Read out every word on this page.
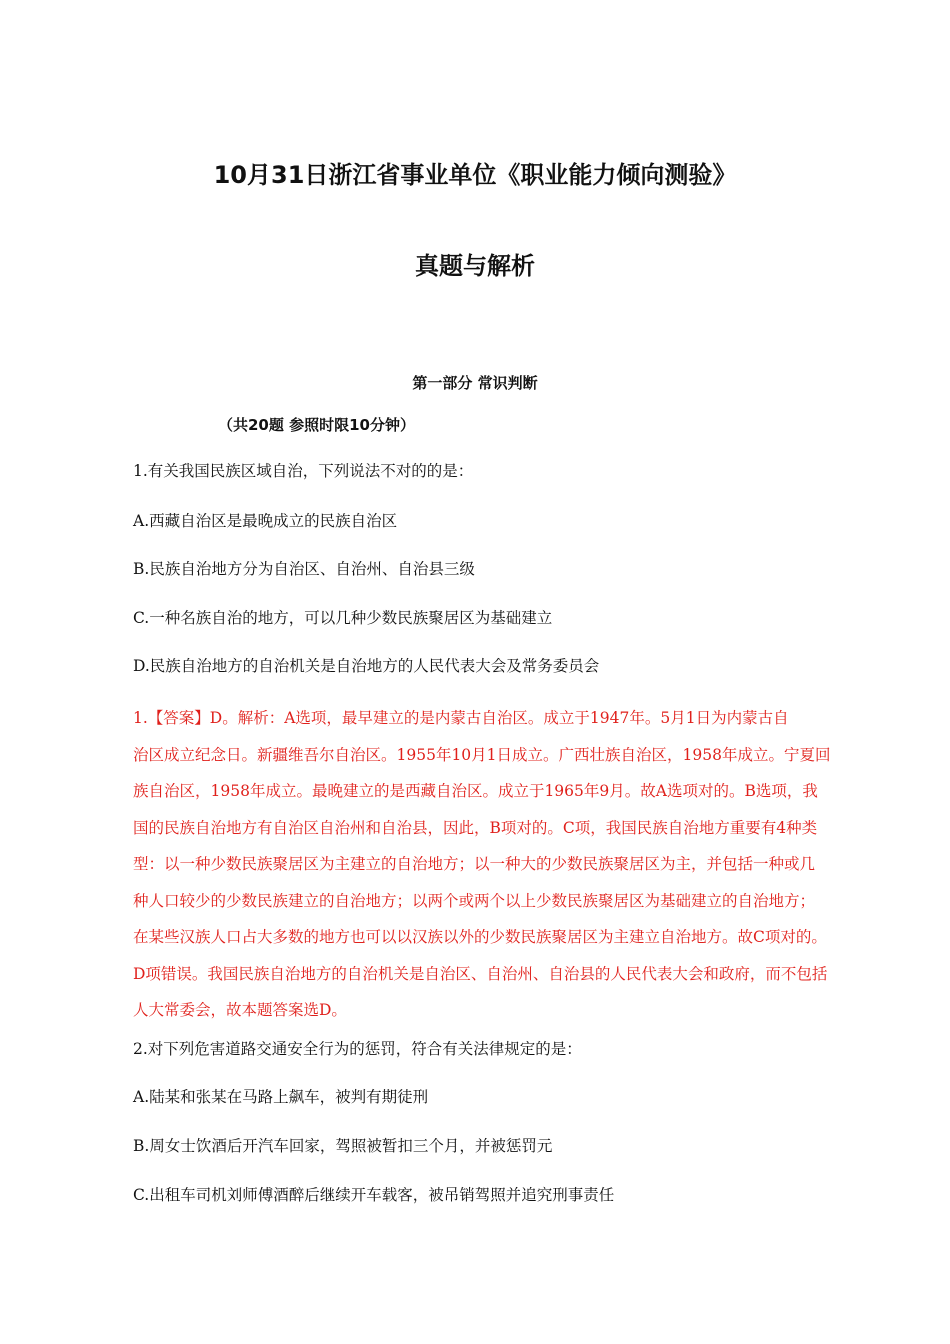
10月31日浙江省事业单位《职业能力倾向测验》
真题与解析
第一部分 常识判断
（共20题 参照时限10分钟）
1.有关我国民族区域自治，下列说法不对的的是：
A.西藏自治区是最晚成立的民族自治区
B.民族自治地方分为自治区、自治州、自治县三级
C.一种名族自治的地方，可以几种少数民族聚居区为基础建立
D.民族自治地方的自治机关是自治地方的人民代表大会及常务委员会
1.【答案】D。解析：A选项，最早建立的是内蒙古自治区。成立于1947年。5月1日为内蒙古自
治区成立纪念日。新疆维吾尔自治区。1955年10月1日成立。广西壮族自治区，1958年成立。宁夏回
族自治区，1958年成立。最晚建立的是西藏自治区。成立于1965年9月。故A选项对的。B选项，我
国的民族自治地方有自治区自治州和自治县，因此，B项对的。C项，我国民族自治地方重要有4种类
型：以一种少数民族聚居区为主建立的自治地方；以一种大的少数民族聚居区为主，并包括一种或几
种人口较少的少数民族建立的自治地方；以两个或两个以上少数民族聚居区为基础建立的自治地方；
在某些汉族人口占大多数的地方也可以以汉族以外的少数民族聚居区为主建立自治地方。故C项对的。
D项错误。我国民族自治地方的自治机关是自治区、自治州、自治县的人民代表大会和政府，而不包括
人大常委会，故本题答案选D。
2.对下列危害道路交通安全行为的惩罚，符合有关法律规定的是：
A.陆某和张某在马路上飙车，被判有期徒刑
B.周女士饮酒后开汽车回家，驾照被暂扣三个月，并被惩罚元
C.出租车司机刘师傅酒醉后继续开车载客，被吊销驾照并追究刑事责任
